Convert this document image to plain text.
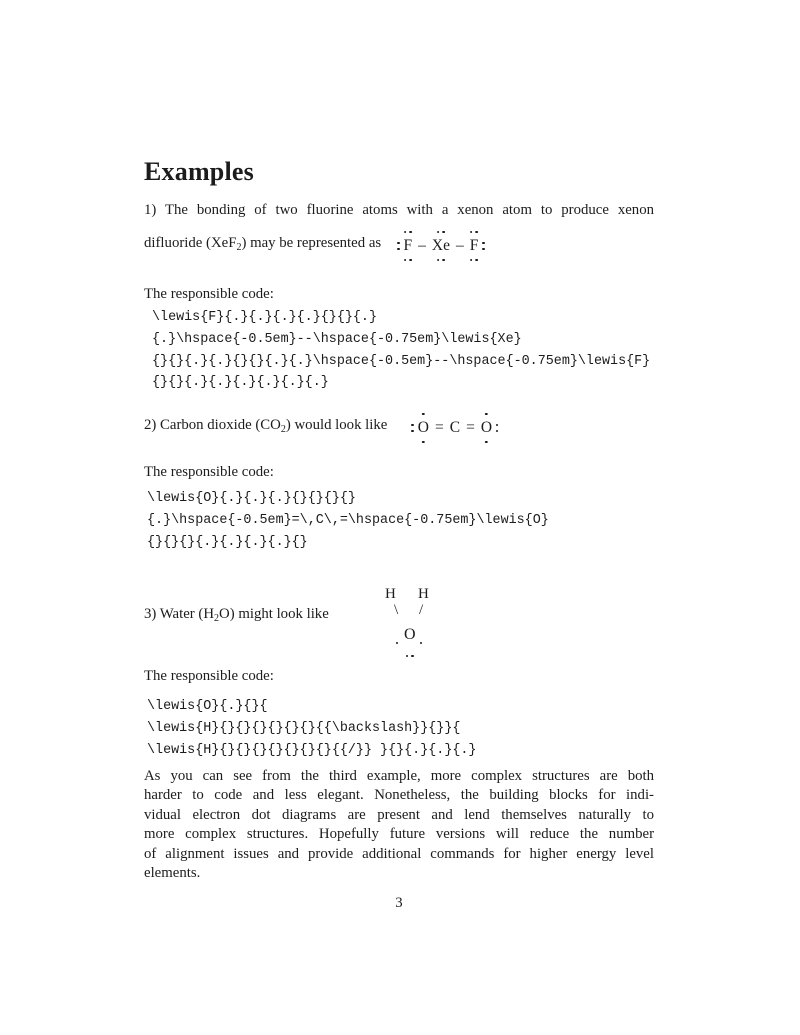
Examples
1) The bonding of two fluorine atoms with a xenon atom to produce xenon
difluoride (XeF$_2$) may be represented as F – Xe – F
The responsible code:
\lewis{F}{.}{.}{.}{.}{}{}{.}
{.}\hspace{-0.5em}--\hspace{-0.75em}\lewis{Xe}
{}{}{.}{.}{}{}{.}{.}\hspace{-0.5em}--\hspace{-0.75em}\lewis{F}
{}{}{.}{.}{.}{.}{.}{.}
2) Carbon dioxide $(CO_2)$ would look like O = C = O
The responsible code:
\lewis{O}{.}{.}{.}{}{}{}{}
{.}\hspace{-0.5em}=\,C\,=\hspace{-0.75em}\lewis{O}
{}{}{}{.}{.}{.}{.}{}
3) Water $(H_2O)$ might look like
H H
\ /
O
The responsible code:
\lewis{O}{.}{}{
\lewis{H}{}{}{}{}{}{}{{\backslash}}{}}{
\lewis{H}{}{}{}{}{}{}{}{{/}} }{}{.}{.}{.}
As you can see from the third example, more complex structures are both
harder to code and less elegant. Nonetheless, the building blocks for indi-
vidual electron dot diagrams are present and lend themselves naturally to
more complex structures. Hopefully future versions will reduce the number
of alignment issues and provide additional commands for higher energy level
elements.
3
